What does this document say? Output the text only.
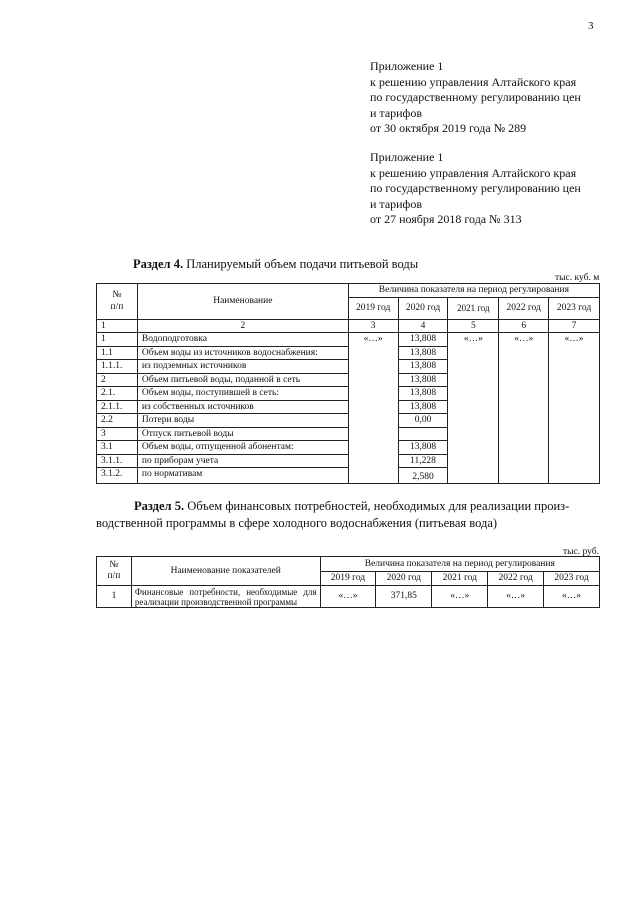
3
Приложение 1
к решению управления Алтайского края
по государственному регулированию цен
и тарифов
от 30 октября 2019 года № 289
Приложение 1
к решению управления Алтайского края
по государственному регулированию цен
и тарифов
от 27 ноября 2018 года № 313
Раздел 4. Планируемый объем подачи питьевой воды
тыс. куб. м
№
п/п	Наименование	Величина показателя на период регулирования				
		2019 год	2020 год	2021 год	2022 год	2023 год
1	2	3	4	5	6	7
1	Водоподготовка	«…»	13,808	«…»	«…»	«…»
1.1	Объем воды из источников водоснабжения:		13,808			
1.1.1.	из подземных источников		13,808			
2	Объем питьевой воды, поданной в сеть		13,808			
2.1.	Объем воды, поступившей в сеть:		13,808			
2.1.1.	из собственных источников		13,808			
2.2	Потери воды		0,00			
3	Отпуск питьевой воды					
3.1	Объем воды, отпущенной абонентам:		13,808			
3.1.1.	по приборам учета		11,228			
3.1.2.	по нормативам		2,580			
Раздел 5. Объем финансовых потребностей, необходимых для реализации произ-
водственной программы в сфере холодного водоснабжения (питьевая вода)
тыс. руб.
№
п/п	Наименование показателей	Величина показателя на период регулирования				
		2019 год	2020 год	2021 год	2022 год	2023 год
1	Финансовые потребности, необходимые для реализации производственной программы	«…»	371,85	«…»	«…»	«…»
